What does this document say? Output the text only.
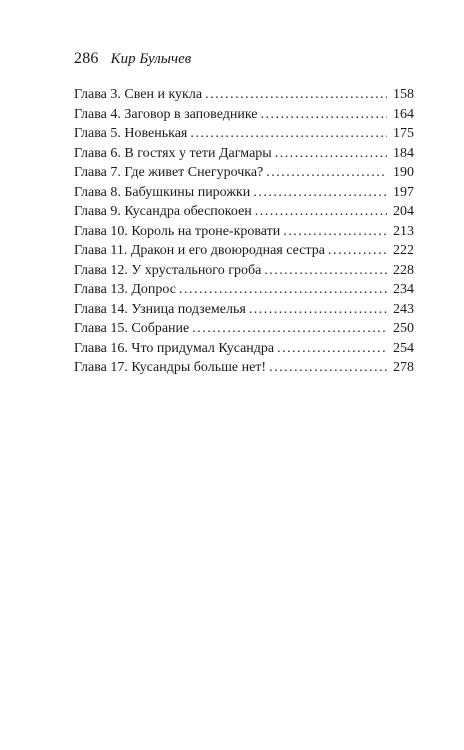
286 Кир Булычев
Глава 3. Свен и кукла . . .	158
Глава 4. Заговор в заповеднике . . .	164
Глава 5. Новенькая . . .	175
Глава 6. В гостях у тети Дагмары . . .	184
Глава 7. Где живет Снегурочка? . . .	190
Глава 8. Бабушкины пирожки . . .	197
Глава 9. Кусандра обеспокоен . . .	204
Глава 10. Король на троне-кровати . . .	213
Глава 11. Дракон и его двоюродная сестра . . .	222
Глава 12. У хрустального гроба . . .	228
Глава 13. Допрос . . .	234
Глава 14. Узница подземелья . . .	243
Глава 15. Собрание . . .	250
Глава 16. Что придумал Кусандра . . .	254
Глава 17. Кусандры больше нет! . . .	278
